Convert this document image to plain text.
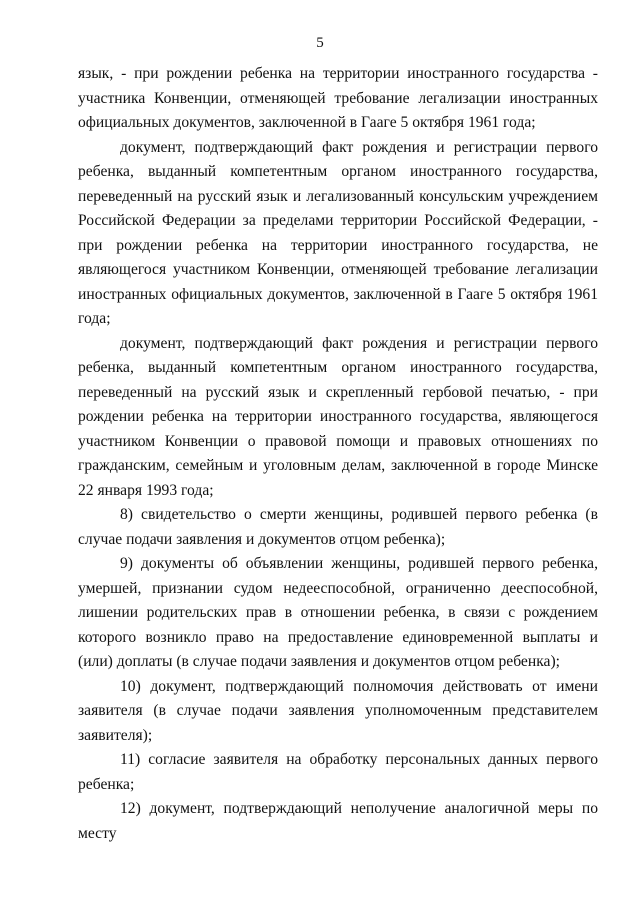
5

язык, - при рождении ребенка на территории иностранного государства - участника Конвенции, отменяющей требование легализации иностранных официальных документов, заключенной в Гааге 5 октября 1961 года;

документ, подтверждающий факт рождения и регистрации первого ребенка, выданный компетентным органом иностранного государства, переведенный на русский язык и легализованный консульским учреждением Российской Федерации за пределами территории Российской Федерации, - при рождении ребенка на территории иностранного государства, не являющегося участником Конвенции, отменяющей требование легализации иностранных официальных документов, заключенной в Гааге 5 октября 1961 года;

документ, подтверждающий факт рождения и регистрации первого ребенка, выданный компетентным органом иностранного государства, переведенный на русский язык и скрепленный гербовой печатью, - при рождении ребенка на территории иностранного государства, являющегося участником Конвенции о правовой помощи и правовых отношениях по гражданским, семейным и уголовным делам, заключенной в городе Минске 22 января 1993 года;

8) свидетельство о смерти женщины, родившей первого ребенка (в случае подачи заявления и документов отцом ребенка);

9) документы об объявлении женщины, родившей первого ребенка, умершей, признании судом недееспособной, ограниченно дееспособной, лишении родительских прав в отношении ребенка, в связи с рождением которого возникло право на предоставление единовременной выплаты и (или) доплаты (в случае подачи заявления и документов отцом ребенка);

10) документ, подтверждающий полномочия действовать от имени заявителя (в случае подачи заявления уполномоченным представителем заявителя);

11) согласие заявителя на обработку персональных данных первого ребенка;

12) документ, подтверждающий неполучение аналогичной меры по месту
